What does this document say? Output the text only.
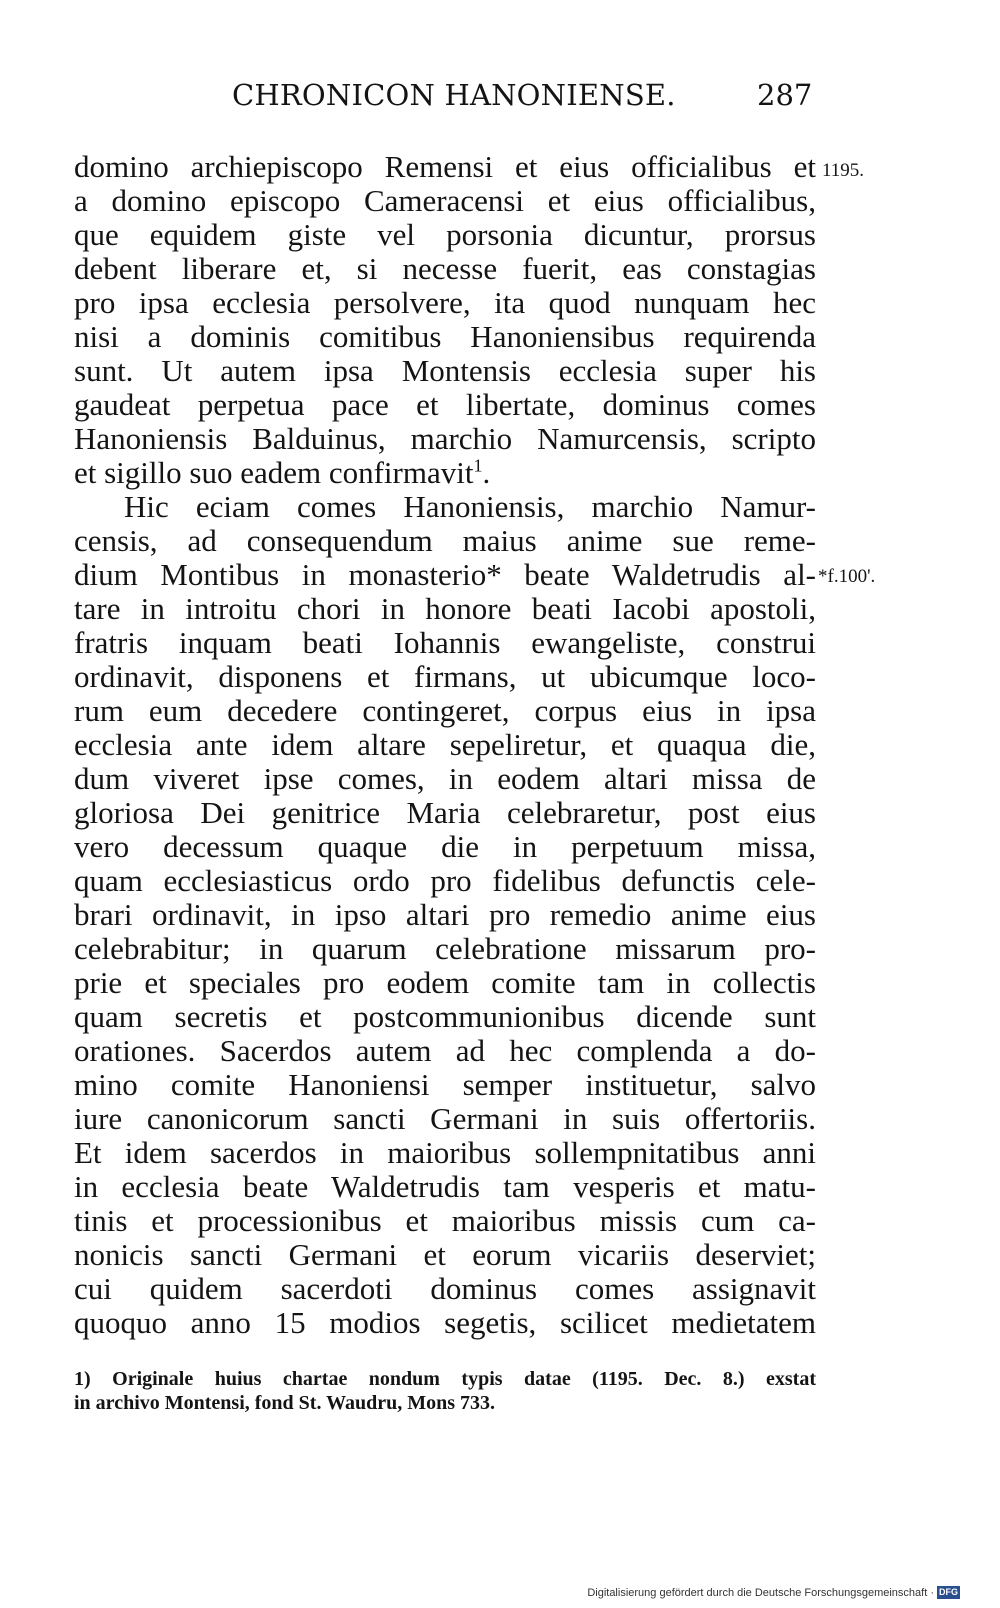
CHRONICON HANONIENSE.	287
domino archiepiscopo Remensi et eius officialibus et
a domino episcopo Cameracensi et eius officialibus,
que equidem giste vel porsonia dicuntur, prorsus
debent liberare et, si necesse fuerit, eas constagias
pro ipsa ecclesia persolvere, ita quod nunquam hec
nisi a dominis comitibus Hanoniensibus requirenda
sunt. Ut autem ipsa Montensis ecclesia super his
gaudeat perpetua pace et libertate, dominus comes
Hanoniensis Balduinus, marchio Namurcensis, scripto
et sigillo suo eadem confirmavit$^1$.
Hic eciam comes Hanoniensis, marchio Namur-
censis, ad consequendum maius anime sue reme-
dium Montibus in monasterio* beate Waldetrudis al-
tare in introitu chori in honore beati Iacobi apostoli,
fratris inquam beati Iohannis ewangeliste, construi
ordinavit, disponens et firmans, ut ubicumque loco-
rum eum decedere contingeret, corpus eius in ipsa
ecclesia ante idem altare sepeliretur, et quaqua die,
dum viveret ipse comes, in eodem altari missa de
gloriosa Dei genitrice Maria celebraretur, post eius
vero decessum quaque die in perpetuum missa,
quam ecclesiasticus ordo pro fidelibus defunctis cele-
brari ordinavit, in ipso altari pro remedio anime eius
celebrabitur; in quarum celebratione missarum pro-
prie et speciales pro eodem comite tam in collectis
quam secretis et postcommunionibus dicende sunt
orationes. Sacerdos autem ad hec complenda a do-
mino comite Hanoniensi semper instituetur, salvo
iure canonicorum sancti Germani in suis offertoriis.
Et idem sacerdos in maioribus sollempnitatibus anni
in ecclesia beate Waldetrudis tam vesperis et matu-
tinis et processionibus et maioribus missis cum ca-
nonicis sancti Germani et eorum vicariis deserviet;
cui quidem sacerdoti dominus comes assignavit
quoquo anno 15 modios segetis, scilicet medietatem
1195.
*f.100'.
1) Originale huius chartae nondum typis datae (1195. Dec. 8.) exstat
in archivo Montensi, fond St. Waudru, Mons 733.
Digitalisierung gefördert durch die Deutsche Forschungsgemeinschaft · DFG
